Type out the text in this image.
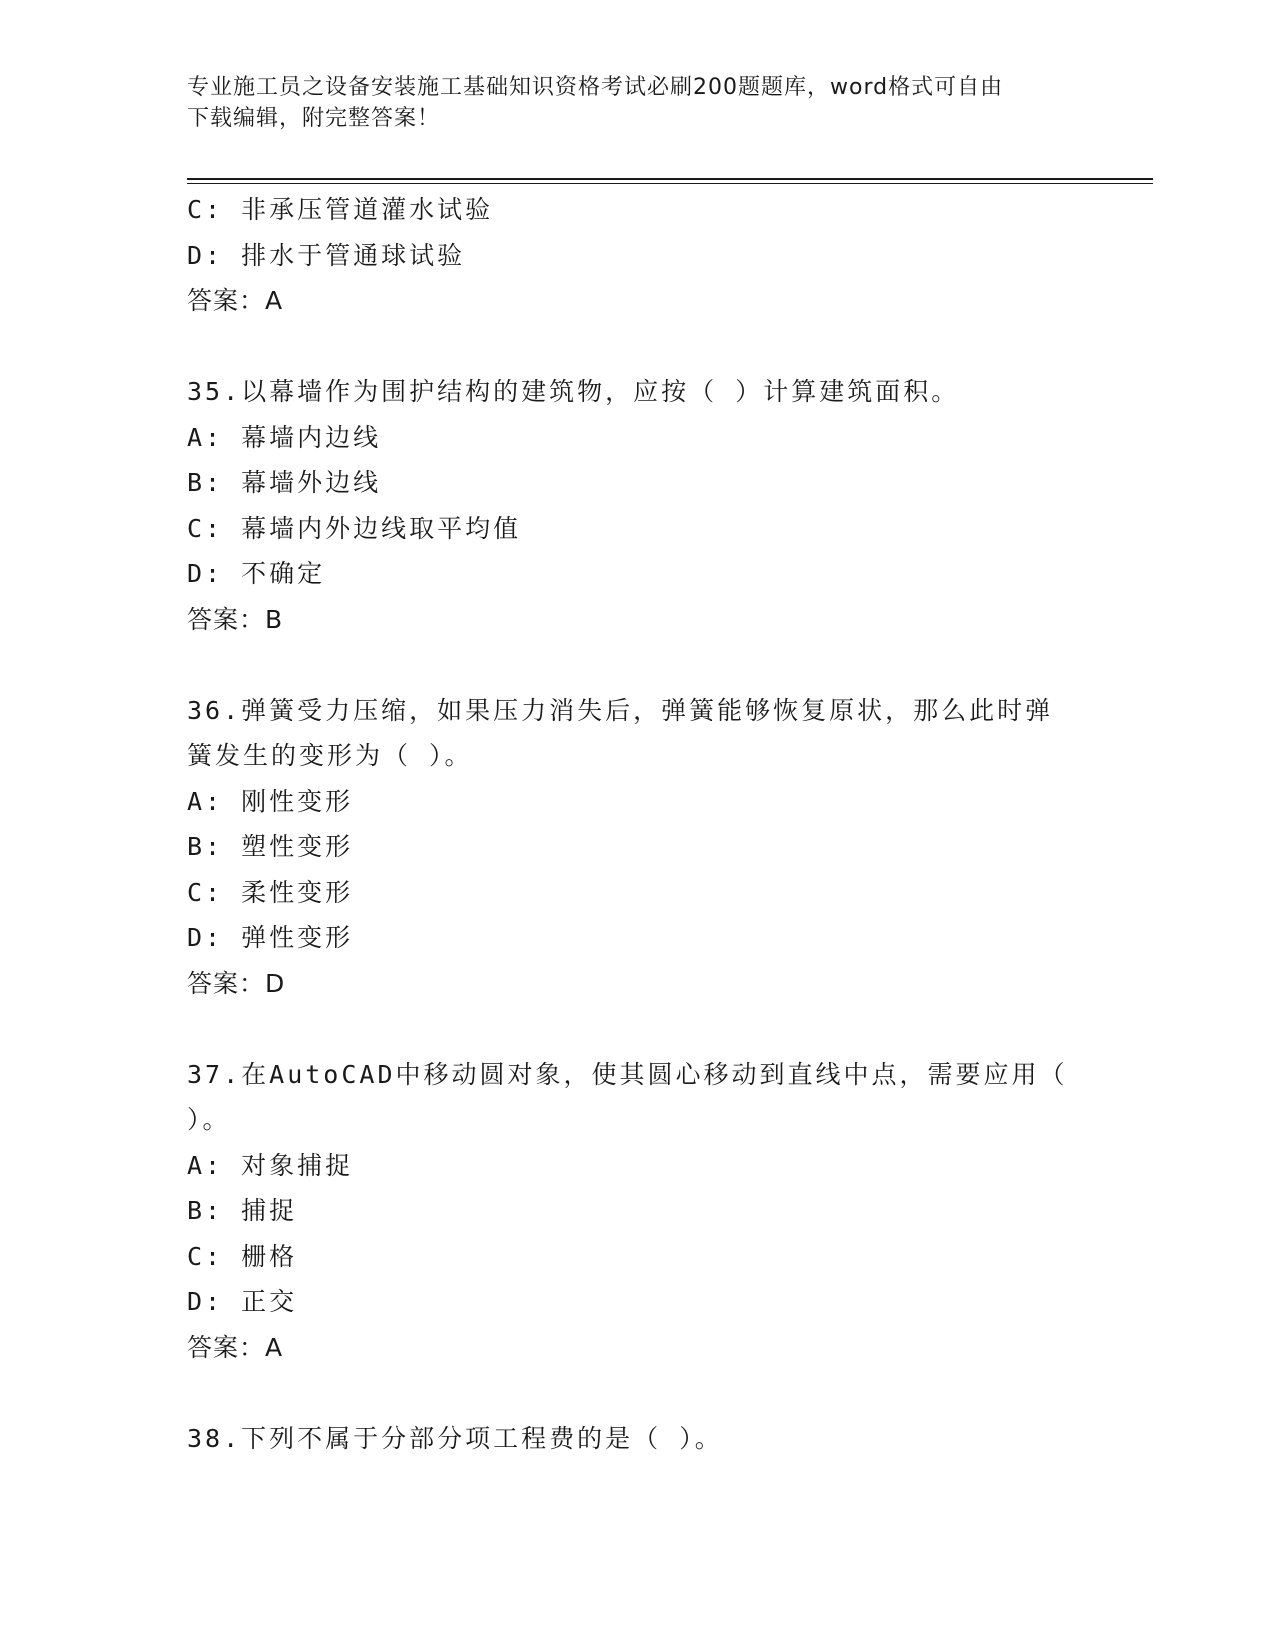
专业施工员之设备安装施工基础知识资格考试必刷200题题库，word格式可自由
下载编辑，附完整答案！
C: 非承压管道灌水试验
D: 排水于管通球试验
答案：A
35.以幕墙作为围护结构的建筑物，应按（ ）计算建筑面积。
A: 幕墙内边线
B: 幕墙外边线
C: 幕墙内外边线取平均值
D: 不确定
答案：B
36.弹簧受力压缩，如果压力消失后，弹簧能够恢复原状，那么此时弹
簧发生的变形为（ ）。
A: 刚性变形
B: 塑性变形
C: 柔性变形
D: 弹性变形
答案：D
37.在AutoCAD中移动圆对象，使其圆心移动到直线中点，需要应用（
）。
A: 对象捕捉
B: 捕捉
C: 栅格
D: 正交
答案：A
38.下列不属于分部分项工程费的是（ ）。
